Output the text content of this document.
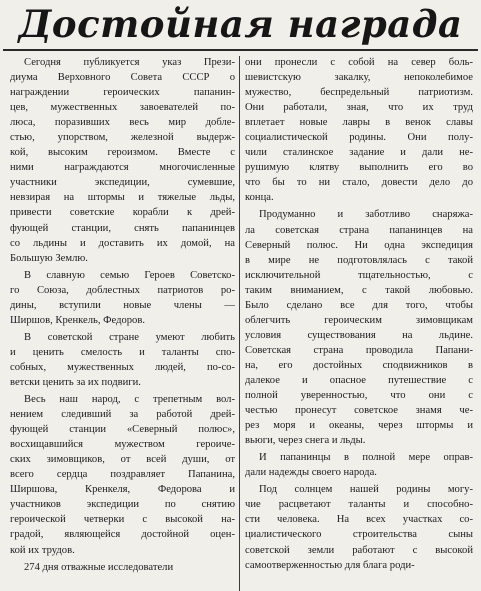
Достойная награда
Сегодня публикуется указ Прези-
диума Верховного Совета СССР о
награждении героических папанин-
цев, мужественных завоевателей по-
люса, поразивших весь мир добле-
стью, упорством, железной выдерж-
кой, высоким героизмом. Вместе с
ними награждаются многочисленные
участники экспедиции, сумевшие,
невзирая на штормы и тяжелые льды,
привести советские корабли к дрей-
фующей станции, снять папанинцев
со льдины и доставить их домой, на
Большую Землю.
В славную семью Героев Советско-
го Союза, доблестных патриотов ро-
дины, вступили новые члены —
Ширшов, Кренкель, Федоров.
В советской стране умеют любить
и ценить смелость и таланты спо-
собных, мужественных людей, по-со-
ветски ценить за их подвиги.
Весь наш народ, с трепетным вол-
нением следивший за работой дрей-
фующей станции «Северный полюс»,
восхищавшийся мужеством героиче-
ских зимовщиков, от всей души, от
всего сердца поздравляет Папанина,
Ширшова, Кренкеля, Федорова и
участников экспедиции по снятию
героической четверки с высокой на-
градой, являющейся достойной оцен-
кой их трудов.
274 дня отважные исследователи
они пронесли с собой на север боль-
шевистскую закалку, непоколебимое
мужество, беспредельный патриотизм.
Они работали, зная, что их труд
вплетает новые лавры в венок славы
социалистической родины. Они полу-
чили сталинское задание и дали не-
рушимую клятву выполнить его во
что бы то ни стало, довести дело до
конца.
Продуманно и заботливо снаряжа-
ла советская страна папанинцев на
Северный полюс. Ни одна экспедиция
в мире не подготовлялась с такой
исключительной тщательностью, с
таким вниманием, с такой любовью.
Было сделано все для того, чтобы
облегчить героическим зимовщикам
условия существования на льдине.
Советская страна проводила Папани-
на, его достойных сподвижников в
далекое и опасное путешествие с
полной уверенностью, что они с
честью пронесут советское знамя че-
рез моря и океаны, через штормы и
вьюги, через снега и льды.
И папанинцы в полной мере оправ-
дали надежды своего народа.
Под солнцем нашей родины могу-
чие расцветают таланты и способно-
сти человека. На всех участках со-
циалистического строительства сыны
советской земли работают с высокой
самоотверженностью для блага роди-
